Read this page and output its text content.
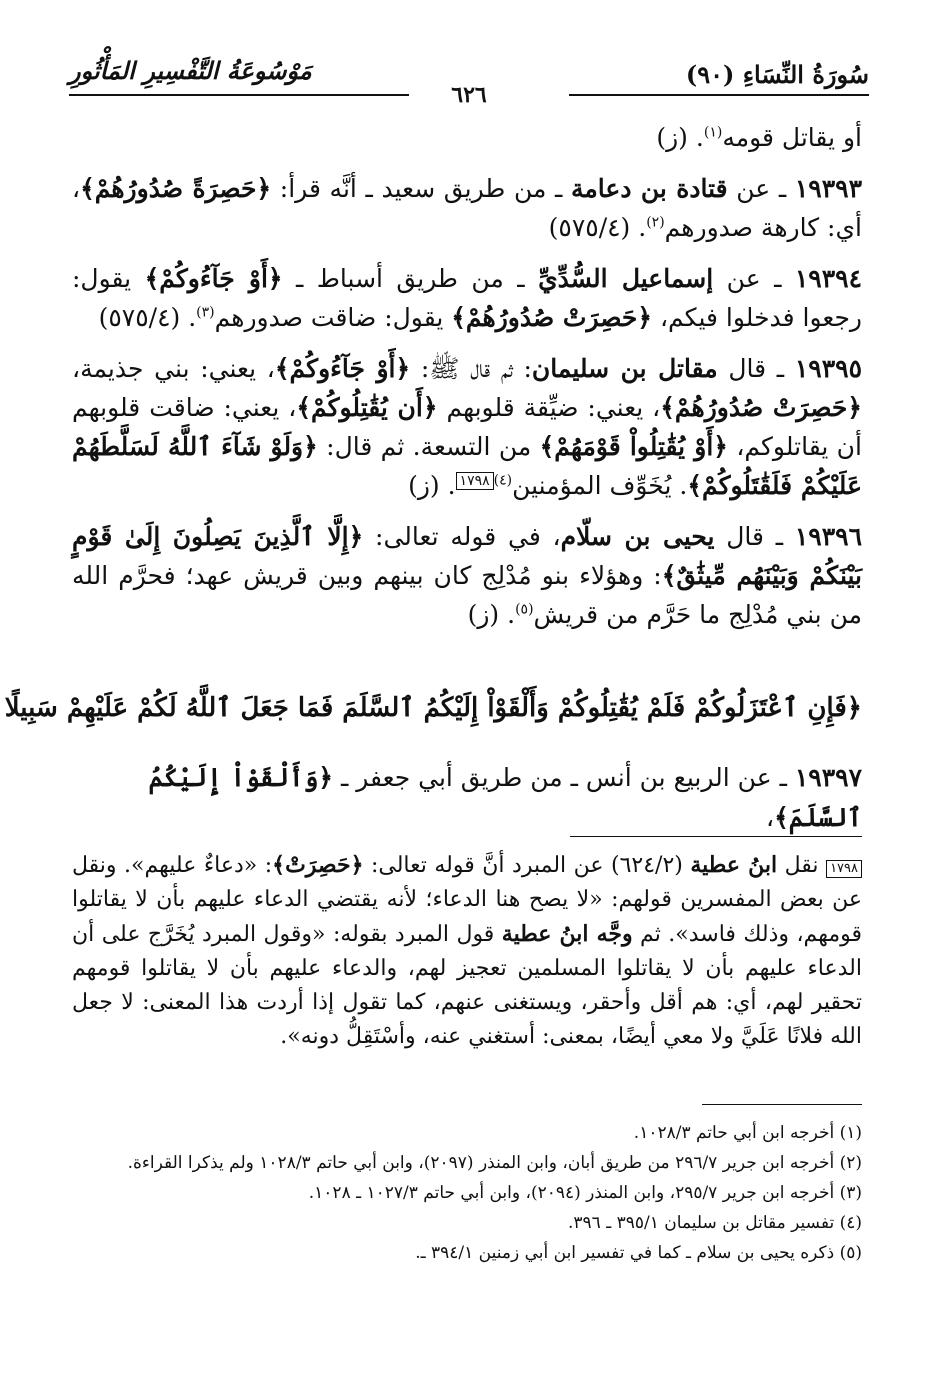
سُورَةُ النِّسَاءِ (٩٠)
مَوْسُوعَةُ التَّفْسِيرِ المَأْثُورِ
٦٢٦

أو يقاتل قومه$^{(١)}$. (ز)

١٩٣٩٣ ـ عن قتادة بن دعامة ـ من طريق سعيد ـ أنَّه قرأ: ﴿حَصِرَةً صُدُورُهُمْ﴾، أي: كارهة صدورهم$^{(٢)}$. (٥٧٥/٤)

١٩٣٩٤ ـ عن إسماعيل السُّدِّيِّ ـ من طريق أسباط ـ ﴿أَوْ جَآءُوكُمْ﴾ يقول: رجعوا فدخلوا فيكم، ﴿حَصِرَتْ صُدُورُهُمْ﴾ يقول: ضاقت صدورهم$^{(٣)}$. (٥٧٥/٤)

١٩٣٩٥ ـ قال مقاتل بن سليمان: ثم قال ﷺ: ﴿أَوْ جَآءُوكُمْ﴾، يعني: بني جذيمة، ﴿حَصِرَتْ صُدُورُهُمْ﴾، يعني: ضيِّقة قلوبهم ﴿أَن يُقَٰتِلُوكُمْ﴾، يعني: ضاقت قلوبهم أن يقاتلوكم، ﴿أَوْ يُقَٰتِلُواْ قَوْمَهُمْ﴾ من التسعة. ثم قال: ﴿وَلَوْ شَآءَ ٱللَّهُ لَسَلَّطَهُمْ عَلَيْكُمْ فَلَقَٰتَلُوكُمْ﴾. يُخَوِّف المؤمنين$^{(٤)}$١٧٩٨. (ز)

١٩٣٩٦ ـ قال يحيى بن سلّام، في قوله تعالى: ﴿إِلَّا ٱلَّذِينَ يَصِلُونَ إِلَىٰ قَوْمٍ بَيْنَكُمْ وَبَيْنَهُم مِّيثَٰقٌ﴾: وهؤلاء بنو مُدْلِج كان بينهم وبين قريش عهد؛ فحرَّم الله من بني مُدْلِج ما حَرَّم من قريش$^{(٥)}$. (ز)

﴿فَإِنِ ٱعْتَزَلُوكُمْ فَلَمْ يُقَٰتِلُوكُمْ وَأَلْقَوْاْ إِلَيْكُمُ ٱلسَّلَمَ فَمَا جَعَلَ ٱللَّهُ لَكُمْ عَلَيْهِمْ سَبِيلًا
١٩٣٩٧ ـ عن الربيع بن أنس ـ من طريق أبي جعفر ـ ﴿وَأَلْقَوْاْ إِلَيْكُمُ ٱلسَّلَمَ﴾،
١٧٩٨ نقل ابنُ عطية (٦٢٤/٢) عن المبرد أنَّ قوله تعالى: ﴿حَصِرَتْ﴾: «دعاءٌ عليهم». ونقل عن بعض المفسرين قولهم: «لا يصح هنا الدعاء؛ لأنه يقتضي الدعاء عليهم بأن لا يقاتلوا قومهم، وذلك فاسد». ثم وجَّه ابنُ عطية قول المبرد بقوله: «وقول المبرد يُخَرَّج على أن الدعاء عليهم بأن لا يقاتلوا المسلمين تعجيز لهم، والدعاء عليهم بأن لا يقاتلوا قومهم تحقير لهم، أي: هم أقل وأحقر، ويستغنى عنهم، كما تقول إذا أردت هذا المعنى: لا جعل الله فلانًا عَلَيَّ ولا معي أيضًا، بمعنى: أستغني عنه، وأسْتَقِلُّ دونه».
(١) أخرجه ابن أبي حاتم ١٠٢٨/٣.
(٢) أخرجه ابن جرير ٢٩٦/٧ من طريق أبان، وابن المنذر (٢٠٩٧)، وابن أبي حاتم ١٠٢٨/٣ ولم يذكرا القراءة.
(٣) أخرجه ابن جرير ٢٩٥/٧، وابن المنذر (٢٠٩٤)، وابن أبي حاتم ١٠٢٧/٣ ـ ١٠٢٨.
(٤) تفسير مقاتل بن سليمان ٣٩٥/١ ـ ٣٩٦.
(٥) ذكره يحيى بن سلام ـ كما في تفسير ابن أبي زمنين ٣٩٤/١ ـ.
